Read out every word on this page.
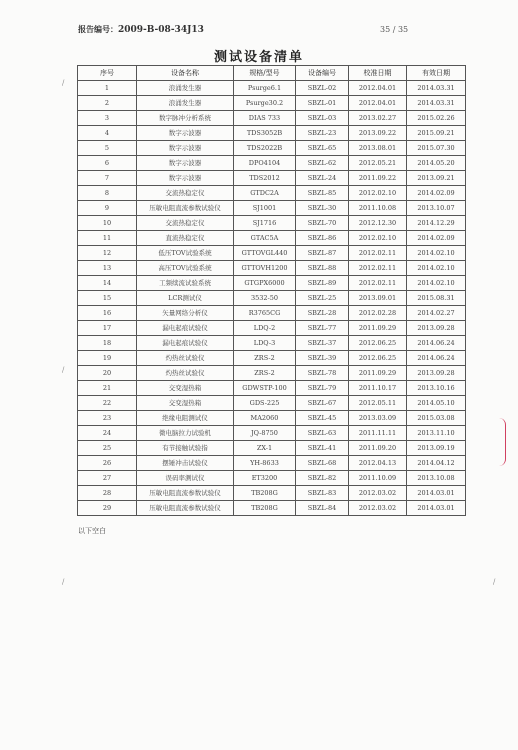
报告编号：2009-B-08-34J13	35 / 35
测试设备清单
序号	设备名称	规格/型号	设备编号	校准日期	有效日期
1	浪涌发生器	Psurge6.1	SBZL-02	2012.04.01	2014.03.31
2	浪涌发生器	Psurge30.2	SBZL-01	2012.04.01	2014.03.31
3	数字脉冲分析系统	DIAS 733	SBZL-03	2013.02.27	2015.02.26
4	数字示波器	TDS3052B	SBZL-23	2013.09.22	2015.09.21
5	数字示波器	TDS2022B	SBZL-65	2013.08.01	2015.07.30
6	数字示波器	DPO4104	SBZL-62	2012.05.21	2014.05.20
7	数字示波器	TDS2012	SBZL-24	2011.09.22	2013.09.21
8	交流热稳定仪	GTDC2A	SBZL-85	2012.02.10	2014.02.09
9	压敏电阻直流参数试验仪	SJ1001	SBZL-30	2011.10.08	2013.10.07
10	交流热稳定仪	SJ1716	SBZL-70	2012.12.30	2014.12.29
11	直流热稳定仪	GTAC5A	SBZL-86	2012.02.10	2014.02.09
12	低压TOV试验系统	GTTOVGL440	SBZL-87	2012.02.11	2014.02.10
13	高压TOV试验系统	GTTOVH1200	SBZL-88	2012.02.11	2014.02.10
14	工频续流试验系统	GTGPX6000	SBZL-89	2012.02.11	2014.02.10
15	LCR测试仪	3532-50	SBZL-25	2013.09.01	2015.08.31
16	矢量网络分析仪	R3765CG	SBZL-28	2012.02.28	2014.02.27
17	漏电起痕试验仪	LDQ-2	SBZL-77	2011.09.29	2013.09.28
18	漏电起痕试验仪	LDQ-3	SBZL-37	2012.06.25	2014.06.24
19	灼热丝试验仪	ZRS-2	SBZL-39	2012.06.25	2014.06.24
20	灼热丝试验仪	ZRS-2	SBZL-78	2011.09.29	2013.09.28
21	交变湿热箱	GDWSTP-100	SBZL-79	2011.10.17	2013.10.16
22	交变湿热箱	GDS-225	SBZL-67	2012.05.11	2014.05.10
23	绝缘电阻测试仪	MA2060	SBZL-45	2013.03.09	2015.03.08
24	微电脑拉力试验机	JQ-8750	SBZL-63	2011.11.11	2013.11.10
25	有节接触试验指	ZX-1	SBZL-41	2011.09.20	2013.09.19
26	摆锤冲击试验仪	YH-8633	SBZL-68	2012.04.13	2014.04.12
27	误码率测试仪	ET3200	SBZL-82	2011.10.09	2013.10.08
28	压敏电阻直流参数试验仪	TB208G	SBZL-83	2012.03.02	2014.03.01
29	压敏电阻直流参数试验仪	TB208G	SBZL-84	2012.03.02	2014.03.01
以下空白
/
/
/	/
